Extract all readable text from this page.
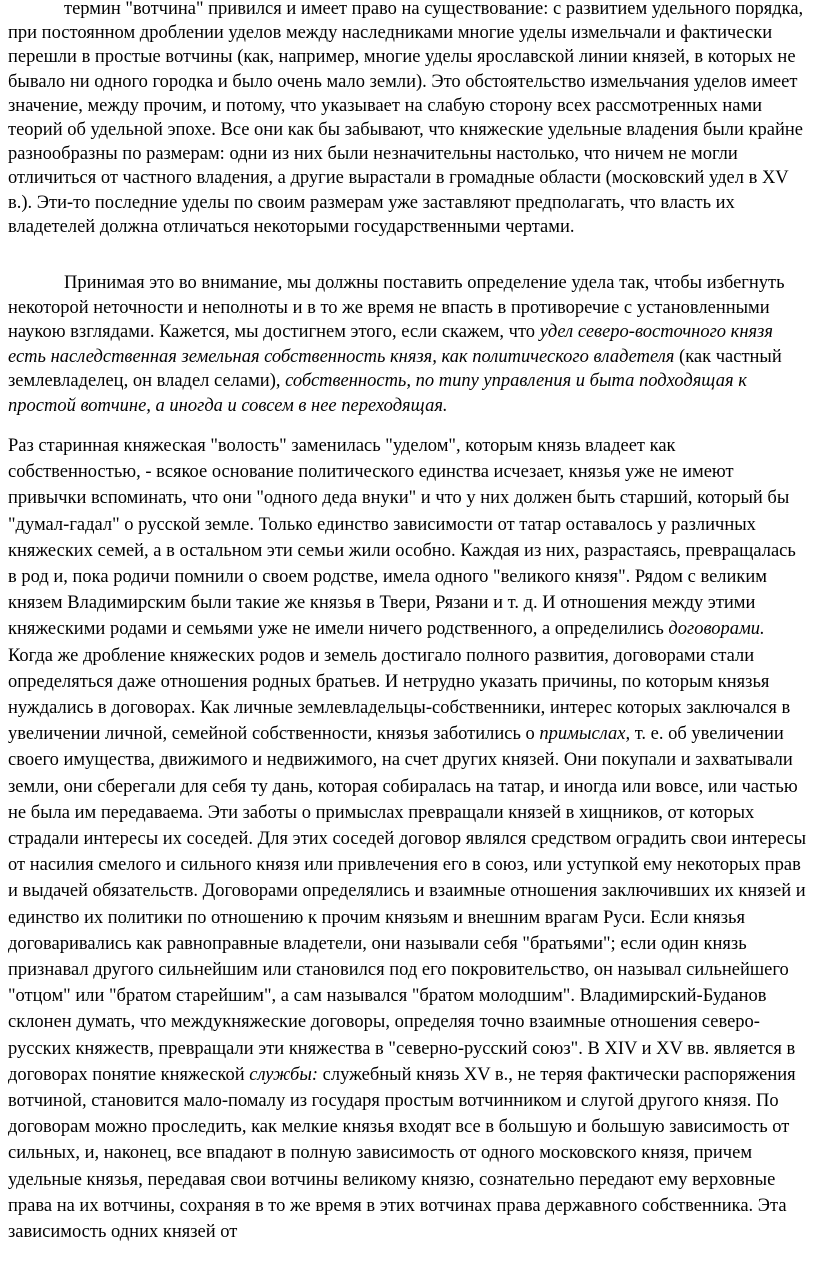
термин "вотчина" привился и имеет право на существование: с развитием удельного порядка, при постоянном дроблении уделов между наследниками многие уделы измельчали и фактически перешли в простые вотчины (как, например, многие уделы ярославской линии князей, в которых не бывало ни одного городка и было очень мало земли). Это обстоятельство измельчания уделов имеет значение, между прочим, и потому, что указывает на слабую сторону всех рассмотренных нами теорий об удельной эпохе. Все они как бы забывают, что княжеские удельные владения были крайне разнообразны по размерам: одни из них были незначительны настолько, что ничем не могли отличиться от частного владения, а другие вырастали в громадные области (московский удел в XV в.). Эти-то последние уделы по своим размерам уже заставляют предполагать, что власть их владетелей должна отличаться некоторыми государственными чертами.

Принимая это во внимание, мы должны поставить определение удела так, чтобы избегнуть некоторой неточности и неполноты и в то же время не впасть в противоречие с установленными наукою взглядами. Кажется, мы достигнем этого, если скажем, что удел северо-восточного князя есть наследственная земельная собственность князя, как политического владетеля (как частный землевладелец, он владел селами), собственность, по типу управления и быта подходящая к простой вотчине, а иногда и совсем в нее переходящая.

Раз старинная княжеская "волость" заменилась "уделом", которым князь владеет как собственностью, - всякое основание политического единства исчезает, князья уже не имеют привычки вспоминать, что они "одного деда внуки" и что у них должен быть старший, который бы "думал-гадал" о русской земле. Только единство зависимости от татар оставалось у различных княжеских семей, а в остальном эти семьи жили особно. Каждая из них, разрастаясь, превращалась в род и, пока родичи помнили о своем родстве, имела одного "великого князя". Рядом с великим князем Владимирским были такие же князья в Твери, Рязани и т. д. И отношения между этими княжескими родами и семьями уже не имели ничего родственного, а определились договорами. Когда же дробление княжеских родов и земель достигало полного развития, договорами стали определяться даже отношения родных братьев. И нетрудно указать причины, по которым князья нуждались в договорах. Как личные землевладельцы-собственники, интерес которых заключался в увеличении личной, семейной собственности, князья заботились о примыслах, т. е. об увеличении своего имущества, движимого и недвижимого, на счет других князей. Они покупали и захватывали земли, они сберегали для себя ту дань, которая собиралась на татар, и иногда или вовсе, или частью не была им передаваема. Эти заботы о примыслах превращали князей в хищников, от которых страдали интересы их соседей. Для этих соседей договор являлся средством оградить свои интересы от насилия смелого и сильного князя или привлечения его в союз, или уступкой ему некоторых прав и выдачей обязательств. Договорами определялись и взаимные отношения заключивших их князей и единство их политики по отношению к прочим князьям и внешним врагам Руси. Если князья договаривались как равноправные владетели, они называли себя "братьями"; если один князь признавал другого сильнейшим или становился под его покровительство, он называл сильнейшего "отцом" или "братом старейшим", а сам назывался "братом молодшим". Владимирский-Буданов склонен думать, что междукняжеские договоры, определяя точно взаимные отношения северо-русских княжеств, превращали эти княжества в "северно-русский союз". В XIV и XV вв. является в договорах понятие княжеской службы: служебный князь XV в., не теряя фактически распоряжения вотчиной, становится мало-помалу из государя простым вотчинником и слугой другого князя. По договорам можно проследить, как мелкие князья входят все в большую и большую зависимость от сильных, и, наконец, все впадают в полную зависимость от одного московского князя, причем удельные князья, передавая свои вотчины великому князю, сознательно передают ему верховные права на их вотчины, сохраняя в то же время в этих вотчинах права державного собственника. Эта зависимость одних князей от
